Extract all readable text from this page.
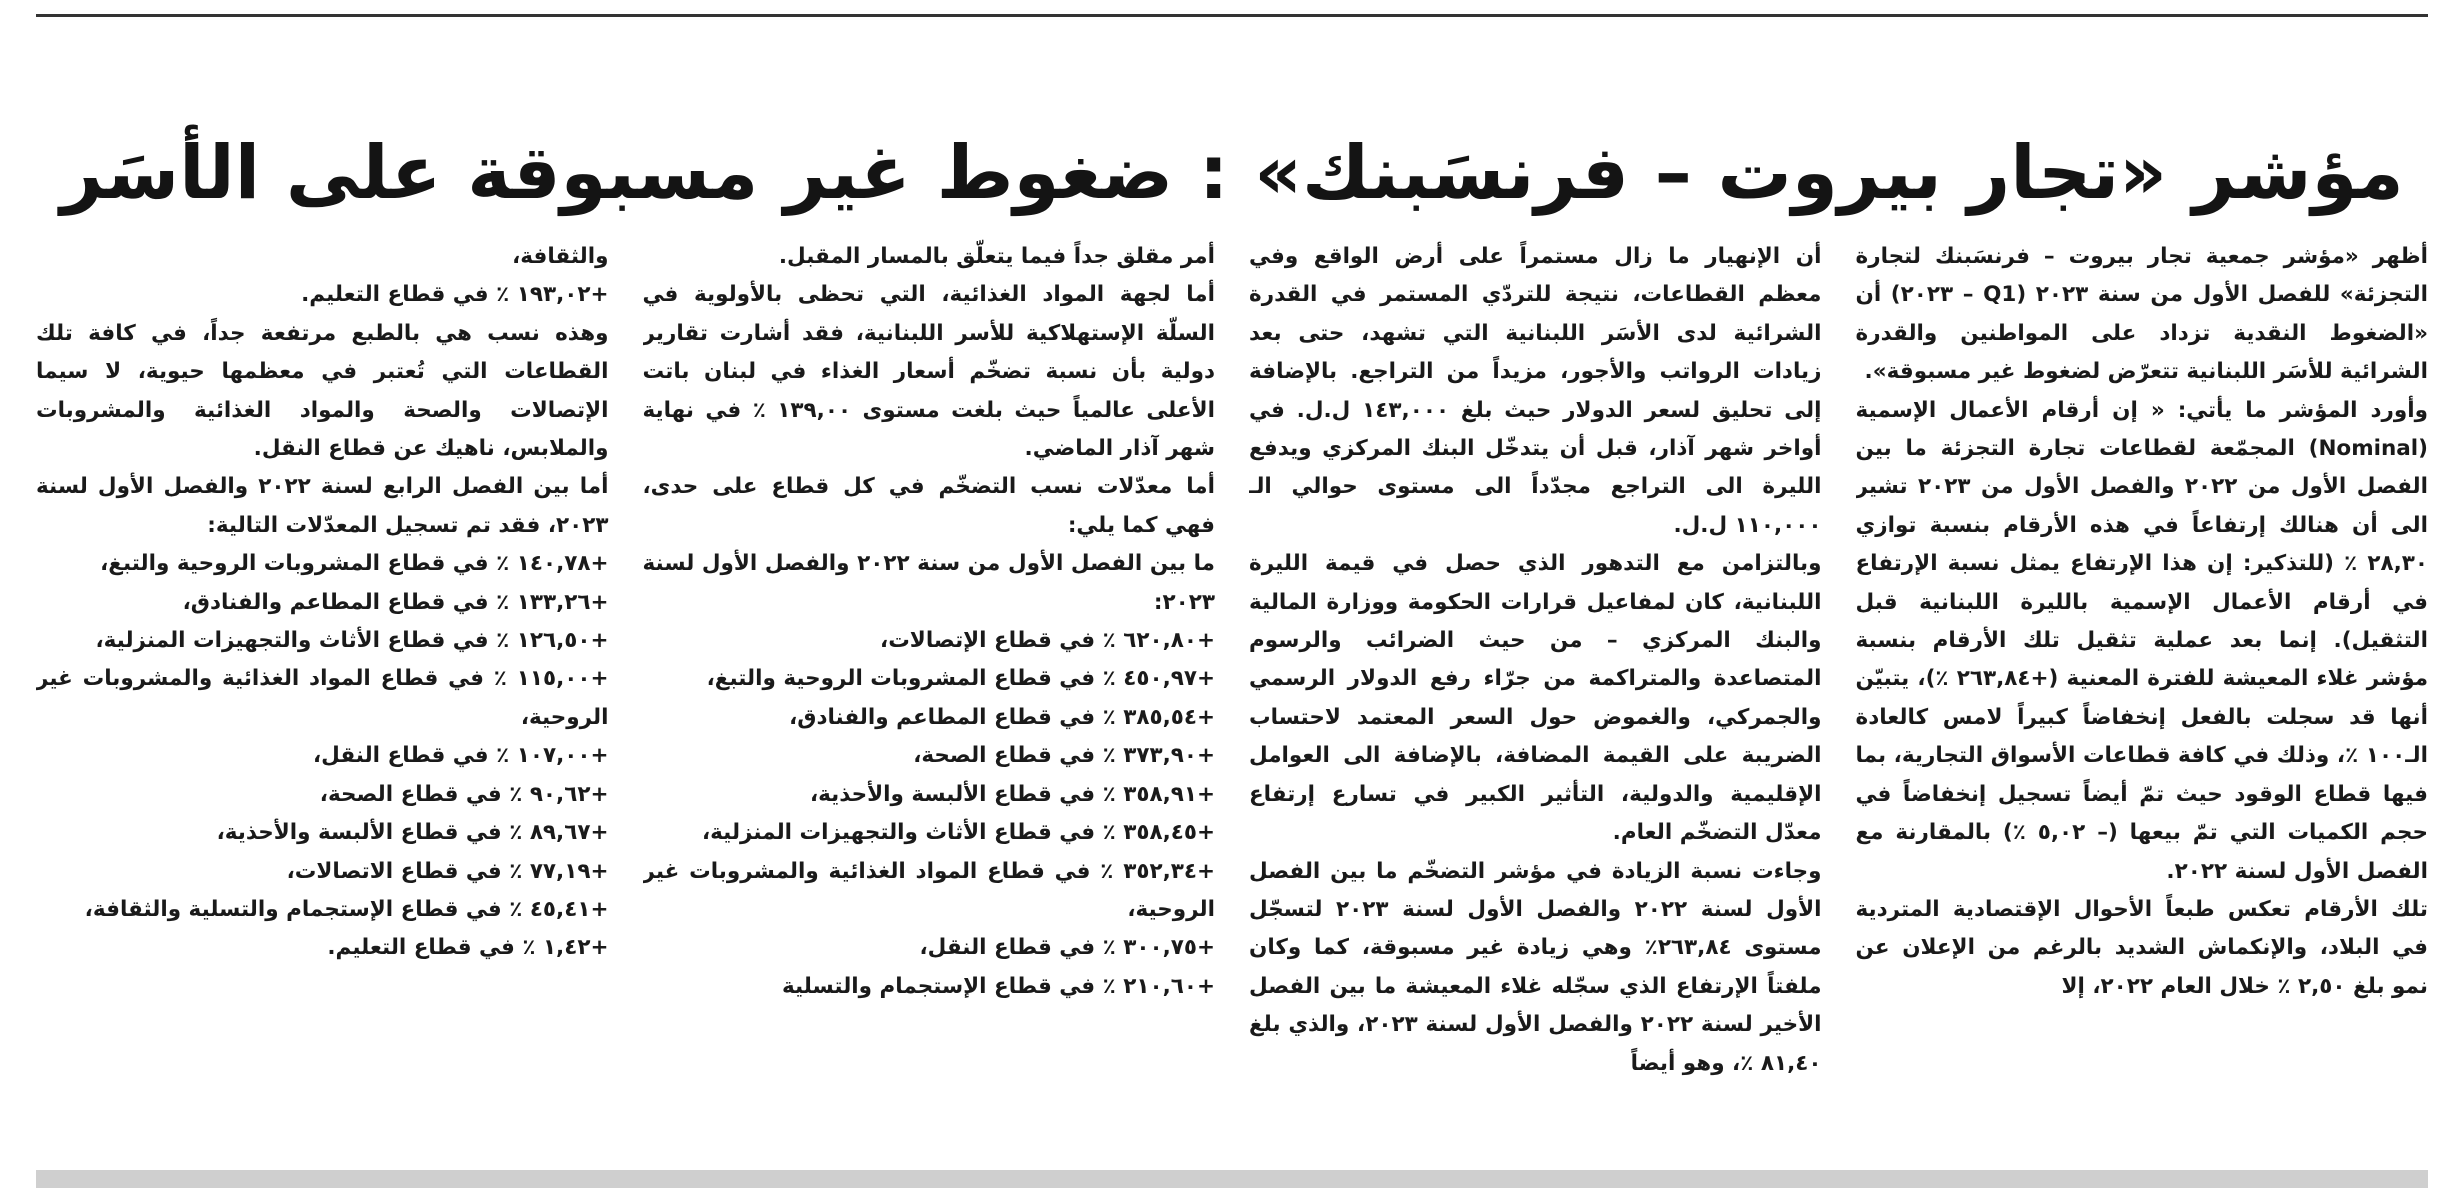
مؤشر «تجار بيروت – فرنسَبنك» : ضغوط غير مسبوقة على الأسَر

أظهر «مؤشر جمعية تجار بيروت – فرنسَبنك لتجارة التجزئة» للفصل الأول من سنة ٢٠٢٣ (Q1 – ٢٠٢٣) أن «الضغوط النقدية تزداد على المواطنين والقدرة الشرائية للأسَر اللبنانية تتعرّض لضغوط غير مسبوقة».

وأورد المؤشر ما يأتي: « إن أرقام الأعمال الإسمية (Nominal) المجمّعة لقطاعات تجارة التجزئة ما بين الفصل الأول من ٢٠٢٢ والفصل الأول من ٢٠٢٣ تشير الى أن هنالك إرتفاعاً في هذه الأرقام بنسبة توازي ٢٨,٣٠ ٪ (للتذكير: إن هذا الإرتفاع يمثل نسبة الإرتفاع في أرقام الأعمال الإسمية بالليرة اللبنانية قبل التثقيل). إنما بعد عملية تثقيل تلك الأرقام بنسبة مؤشر غلاء المعيشة للفترة المعنية (+٢٦٣,٨٤ ٪)، يتبيّن أنها قد سجلت بالفعل إنخفاضاً كبيراً لامس كالعادة الـ١٠٠ ٪، وذلك في كافة قطاعات الأسواق التجارية، بما فيها قطاع الوقود حيث تمّ أيضاً تسجيل إنخفاضاً في حجم الكميات التي تمّ بيعها (– ٥,٠٢ ٪) بالمقارنة مع الفصل الأول لسنة ٢٠٢٢.

تلك الأرقام تعكس طبعاً الأحوال الإقتصادية المتردية في البلاد، والإنكماش الشديد بالرغم من الإعلان عن نمو بلغ ٢,٥٠ ٪ خلال العام ٢٠٢٢، إلا

أن الإنهيار ما زال مستمراً على أرض الواقع وفي معظم القطاعات، نتيجة للتردّي المستمر في القدرة الشرائية لدى الأسَر اللبنانية التي تشهد، حتى بعد زيادات الرواتب والأجور، مزيداً من التراجع. بالإضافة إلى تحليق لسعر الدولار حيث بلغ ١٤٣,٠٠٠ ل.ل. في أواخر شهر آذار، قبل أن يتدخّل البنك المركزي ويدفع الليرة الى التراجع مجدّداً الى مستوى حوالي الـ ١١٠,٠٠٠ ل.ل.

وبالتزامن مع التدهور الذي حصل في قيمة الليرة اللبنانية، كان لمفاعيل قرارات الحكومة ووزارة المالية والبنك المركزي – من حيث الضرائب والرسوم المتصاعدة والمتراكمة من جرّاء رفع الدولار الرسمي والجمركي، والغموض حول السعر المعتمد لاحتساب الضريبة على القيمة المضافة، بالإضافة الى العوامل الإقليمية والدولية، التأثير الكبير في تسارع إرتفاع معدّل التضخّم العام.

وجاءت نسبة الزيادة في مؤشر التضخّم ما بين الفصل الأول لسنة ٢٠٢٢ والفصل الأول لسنة ٢٠٢٣ لتسجّل مستوى ٢٦٣,٨٤٪ وهي زيادة غير مسبوقة، كما وكان ملفتاً الإرتفاع الذي سجّله غلاء المعيشة ما بين الفصل الأخير لسنة ٢٠٢٢ والفصل الأول لسنة ٢٠٢٣، والذي بلغ ٨١,٤٠ ٪، وهو أيضاً

أمر مقلق جداً فيما يتعلّق بالمسار المقبل.

أما لجهة المواد الغذائية، التي تحظى بالأولوية في السلّة الإستهلاكية للأسر اللبنانية، فقد أشارت تقارير دولية بأن نسبة تضخّم أسعار الغذاء في لبنان باتت الأعلى عالمياً حيث بلغت مستوى ١٣٩,٠٠ ٪ في نهاية شهر آذار الماضي.

أما معدّلات نسب التضخّم في كل قطاع على حدى، فهي كما يلي:

ما بين الفصل الأول من سنة ٢٠٢٢ والفصل الأول لسنة ٢٠٢٣:

+٦٢٠,٨٠ ٪ في قطاع الإتصالات،

+٤٥٠,٩٧ ٪ في قطاع المشروبات الروحية والتبغ،

+٣٨٥,٥٤ ٪ في قطاع المطاعم والفنادق،

+٣٧٣,٩٠ ٪ في قطاع الصحة،

+٣٥٨,٩١ ٪ في قطاع الألبسة والأحذية،

+٣٥٨,٤٥ ٪ في قطاع الأثاث والتجهيزات المنزلية،

+٣٥٢,٣٤ ٪ في قطاع المواد الغذائية والمشروبات غير الروحية،

+٣٠٠,٧٥ ٪ في قطاع النقل،

+٢١٠,٦٠ ٪ في قطاع الإستجمام والتسلية

والثقافة،

+١٩٣,٠٢ ٪ في قطاع التعليم.

وهذه نسب هي بالطبع مرتفعة جداً، في كافة تلك القطاعات التي تُعتبر في معظمها حيوية، لا سيما الإتصالات والصحة والمواد الغذائية والمشروبات والملابس، ناهيك عن قطاع النقل.

أما بين الفصل الرابع لسنة ٢٠٢٢ والفصل الأول لسنة ٢٠٢٣، فقد تم تسجيل المعدّلات التالية:

+١٤٠,٧٨ ٪ في قطاع المشروبات الروحية والتبغ،

+١٣٣,٢٦ ٪ في قطاع المطاعم والفنادق،

+١٢٦,٥٠ ٪ في قطاع الأثاث والتجهيزات المنزلية،

+١١٥,٠٠ ٪ في قطاع المواد الغذائية والمشروبات غير الروحية،

+١٠٧,٠٠ ٪ في قطاع النقل،

+٩٠,٦٢ ٪ في قطاع الصحة،

+٨٩,٦٧ ٪ في قطاع الألبسة والأحذية،

+٧٧,١٩ ٪ في قطاع الاتصالات،

+٤٥,٤١ ٪ في قطاع الإستجمام والتسلية والثقافة،

+١,٤٢ ٪ في قطاع التعليم.
